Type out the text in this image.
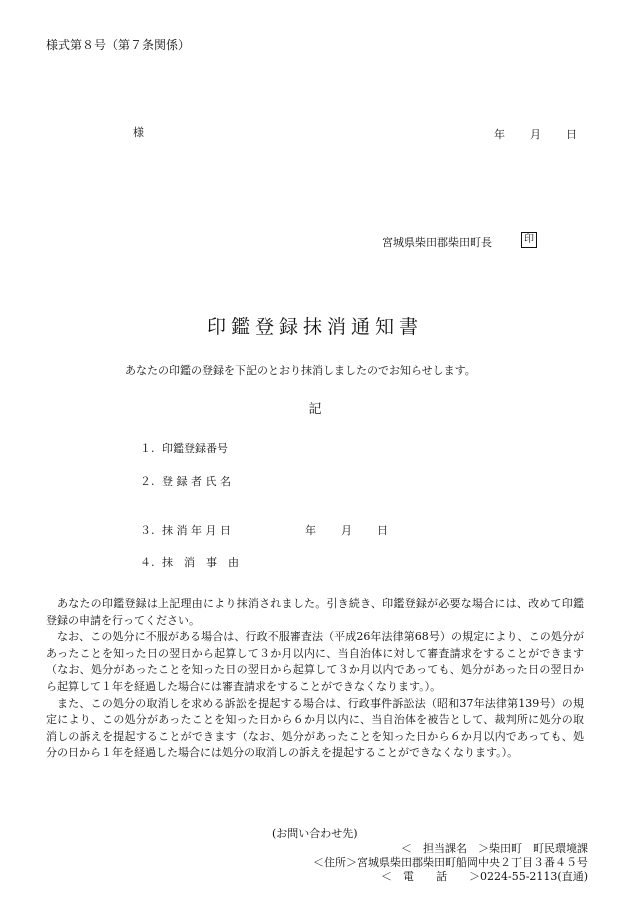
様式第８号（第７条関係）
様	年 月 日
宮城県柴田郡柴田町長	印
印鑑登録抹消通知書
あなたの印鑑の登録を下記のとおり抹消しましたのでお知らせします。
記
１. 印鑑登録番号
２. 登 録 者 氏 名
３. 抹 消 年 月 日	年 月 日
４. 抹　消　事　由

あなたの印鑑登録は上記理由により抹消されました。引き続き、印鑑登録が必要な場合には、改めて印鑑登録の申請を行ってください。

なお、この処分に不服がある場合は、行政不服審査法（平成26年法律第68号）の規定により、この処分があったことを知った日の翌日から起算して３か月以内に、当自治体に対して審査請求をすることができます（なお、処分があったことを知った日の翌日から起算して３か月以内であっても、処分があった日の翌日から起算して１年を経過した場合には審査請求をすることができなくなります。）。

また、この処分の取消しを求める訴訟を提起する場合は、行政事件訴訟法（昭和37年法律第139号）の規定により、この処分があったことを知った日から６か月以内に、当自治体を被告として、裁判所に処分の取消しの訴えを提起することができます（なお、処分があったことを知った日から６か月以内であっても、処分の日から１年を経過した場合には処分の取消しの訴えを提起することができなくなります。）。

(お問い合わせ先)
＜　担当課名　＞柴田町　町民環境課
＜住所＞宮城県柴田郡柴田町船岡中央２丁目３番４５号
＜　電　　話　　＞0224-55-2113(直通)
